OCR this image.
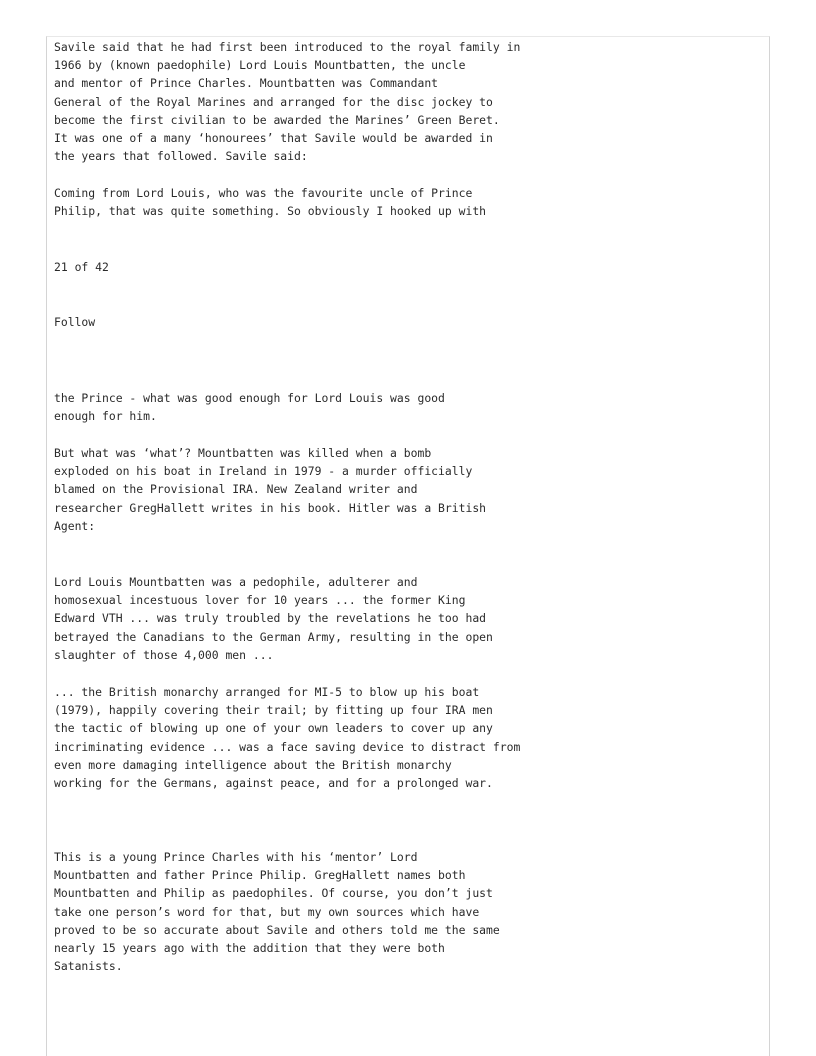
Savile said that he had first been introduced to the royal family in
1966 by (known paedophile) Lord Louis Mountbatten, the uncle
and mentor of Prince Charles. Mountbatten was Commandant
General of the Royal Marines and arranged for the disc jockey to
become the first civilian to be awarded the Marines’ Green Beret.
It was one of a many ‘honourees’ that Savile would be awarded in
the years that followed. Savile said:

Coming from Lord Louis, who was the favourite uncle of Prince
Philip, that was quite something. So obviously I hooked up with

21 of 42

Follow

the Prince - what was good enough for Lord Louis was good
enough for him.

But what was ‘what’? Mountbatten was killed when a bomb
exploded on his boat in Ireland in 1979 - a murder officially
blamed on the Provisional IRA. New Zealand writer and
researcher GregHallett writes in his book. Hitler was a British
Agent:

Lord Louis Mountbatten was a pedophile, adulterer and
homosexual incestuous lover for 10 years ... the former King
Edward VTH ... was truly troubled by the revelations he too had
betrayed the Canadians to the German Army, resulting in the open
slaughter of those 4,000 men ...

... the British monarchy arranged for MI-5 to blow up his boat
(1979), happily covering their trail; by fitting up four IRA men
the tactic of blowing up one of your own leaders to cover up any
incriminating evidence ... was a face saving device to distract from
even more damaging intelligence about the British monarchy
working for the Germans, against peace, and for a prolonged war.

This is a young Prince Charles with his ‘mentor’ Lord
Mountbatten and father Prince Philip. GregHallett names both
Mountbatten and Philip as paedophiles. Of course, you don’t just
take one person’s word for that, but my own sources which have
proved to be so accurate about Savile and others told me the same
nearly 15 years ago with the addition that they were both
Satanists.
